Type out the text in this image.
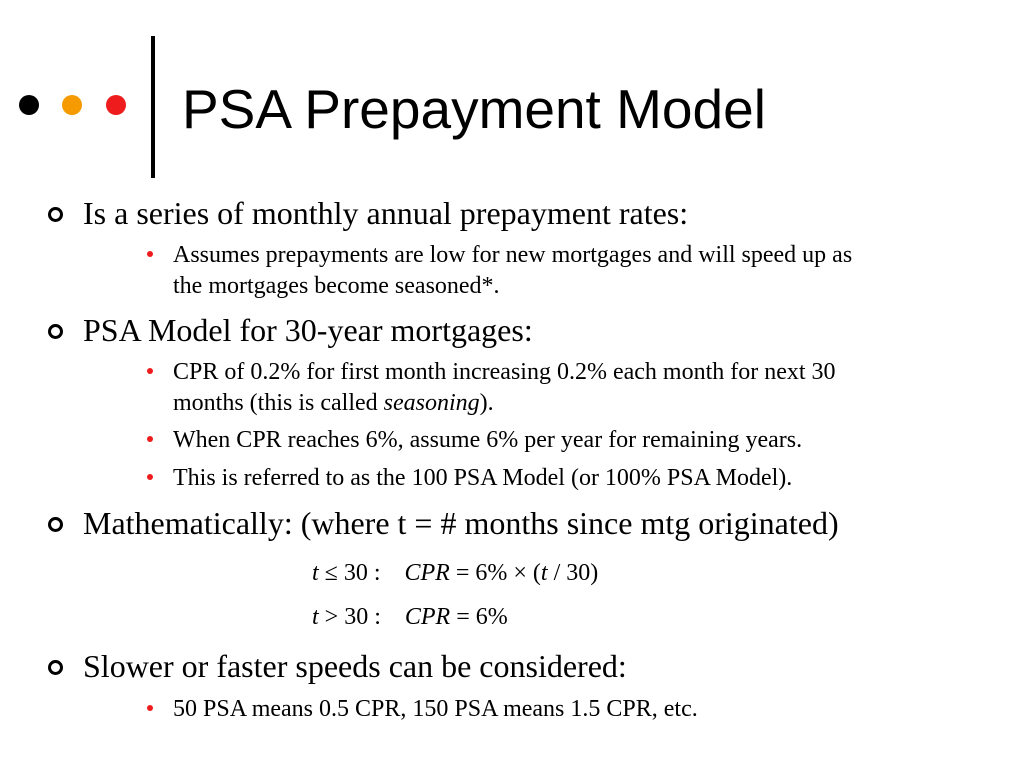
PSA Prepayment Model
Is a series of monthly annual prepayment rates:
Assumes prepayments are low for new mortgages and will speed up as
the mortgages become seasoned*.
PSA Model for 30-year mortgages:
CPR of 0.2% for first month increasing 0.2% each month for next 30
months (this is called seasoning).
When CPR reaches 6%, assume 6% per year for remaining years.
This is referred to as the 100 PSA Model (or 100% PSA Model).
Mathematically: (where t = # months since mtg originated)
t ≤ 30 : CPR = 6% × (t / 30)
t > 30 : CPR = 6%
Slower or faster speeds can be considered:
50 PSA means 0.5 CPR, 150 PSA means 1.5 CPR, etc.
